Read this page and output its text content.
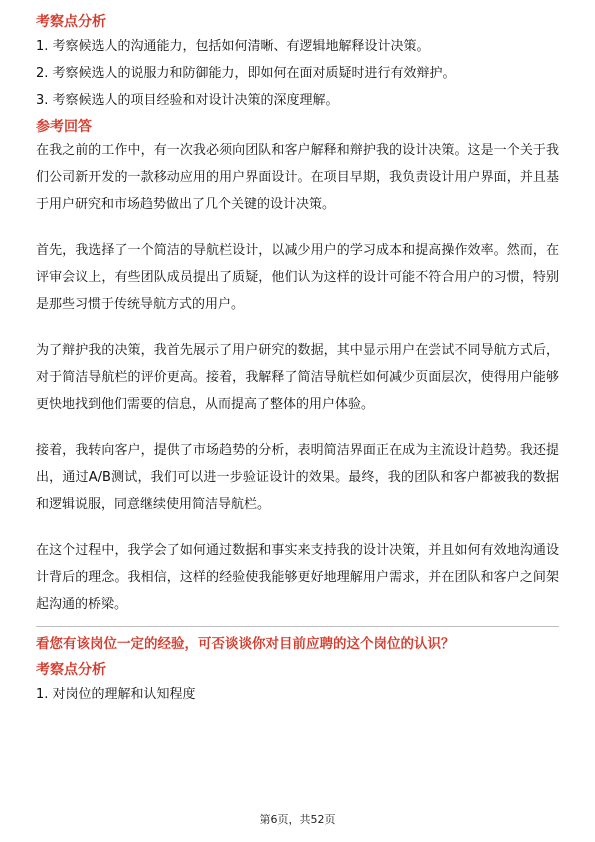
考察点分析
1. 考察候选人的沟通能力，包括如何清晰、有逻辑地解释设计决策。
2. 考察候选人的说服力和防御能力，即如何在面对质疑时进行有效辩护。
3. 考察候选人的项目经验和对设计决策的深度理解。
参考回答

在我之前的工作中，有一次我必须向团队和客户解释和辩护我的设计决策。这是一个关于我们公司新开发的一款移动应用的用户界面设计。在项目早期，我负责设计用户界面，并且基于用户研究和市场趋势做出了几个关键的设计决策。

首先，我选择了一个简洁的导航栏设计，以减少用户的学习成本和提高操作效率。然而，在评审会议上，有些团队成员提出了质疑，他们认为这样的设计可能不符合用户的习惯，特别是那些习惯于传统导航方式的用户。

为了辩护我的决策，我首先展示了用户研究的数据，其中显示用户在尝试不同导航方式后，对于简洁导航栏的评价更高。接着，我解释了简洁导航栏如何减少页面层次，使得用户能够更快地找到他们需要的信息，从而提高了整体的用户体验。

接着，我转向客户，提供了市场趋势的分析，表明简洁界面正在成为主流设计趋势。我还提出，通过A/B测试，我们可以进一步验证设计的效果。最终，我的团队和客户都被我的数据和逻辑说服，同意继续使用简洁导航栏。

在这个过程中，我学会了如何通过数据和事实来支持我的设计决策，并且如何有效地沟通设计背后的理念。我相信，这样的经验使我能够更好地理解用户需求，并在团队和客户之间架起沟通的桥梁。

看您有该岗位一定的经验，可否谈谈你对目前应聘的这个岗位的认识？
考察点分析
1. 对岗位的理解和认知程度
第6页，共52页
